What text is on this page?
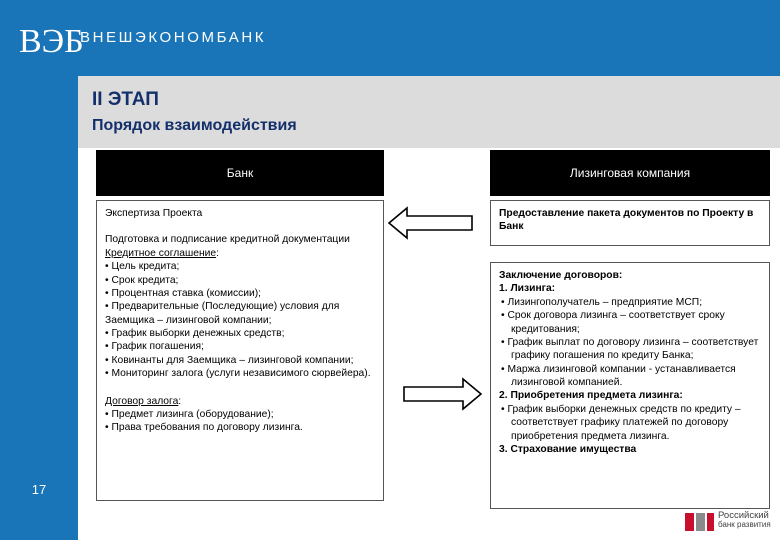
ВЭБ
ВНЕШЭКОНОМБАНК
17
II ЭТАП
Порядок взаимодействия
Банк	Лизинговая компания

Экспертиза Проекта

Подготовка и подписание кредитной документации

Кредитное соглашение:

• Цель кредита;

• Срок кредита;

• Процентная ставка (комиссии);

• Предварительные (Последующие) условия для Заемщика – лизинговой компании;

• График выборки денежных средств;

• График погашения;

• Ковинанты для Заемщика – лизинговой компании;

• Мониторинг залога (услуги независимого сюрвейера).

Договор залога:

• Предмет лизинга (оборудование);

• Права требования по договору лизинга.

Предоставление пакета документов по Проекту в Банк

Заключение договоров:

1. Лизинга:

• Лизингополучатель – предприятие МСП;

• Срок договора лизинга – соответствует сроку кредитования;

• График выплат по договору лизинга – соответствует графику погашения по кредиту Банка;

• Маржа лизинговой компании - устанавливается лизинговой компанией.

2. Приобретения предмета лизинга:

• График выборки денежных средств по кредиту – соответствует графику платежей по договору приобретения предмета лизинга.

3. Страхование имущества

Российский
банк развития
